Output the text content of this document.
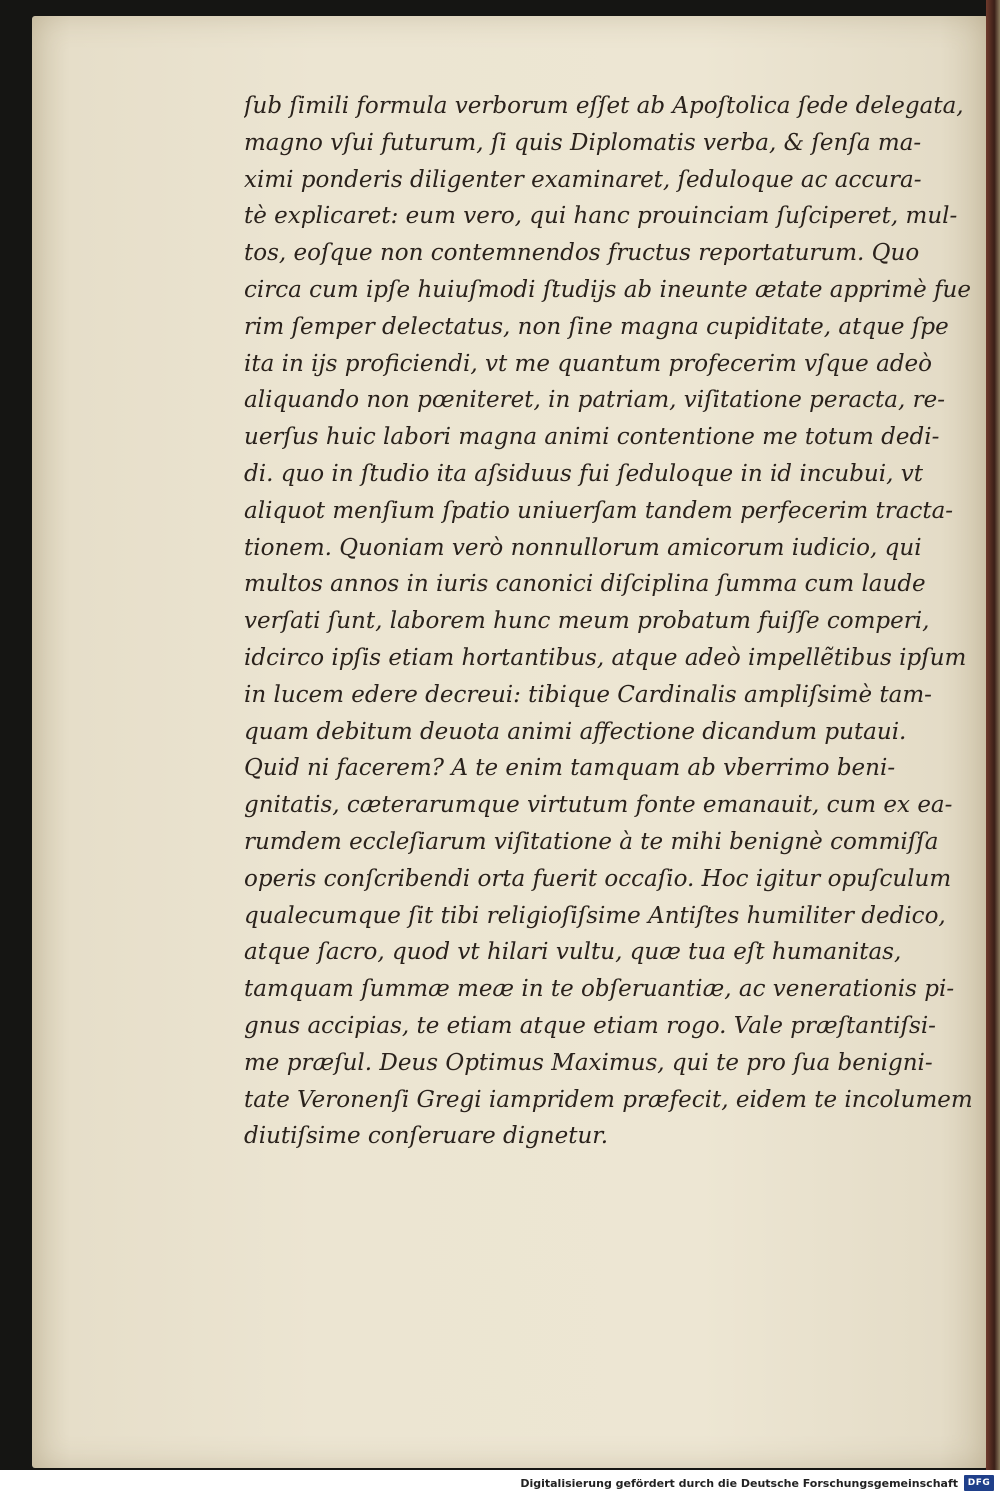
ſub ſimili formula verborum eſſet ab Apoſtolica ſede delegata,
magno vſui futurum, ſi quis Diplomatis verba, & ſenſa ma-
ximi ponderis diligenter examinaret, ſeduloque ac accura-
tè explicaret: eum vero, qui hanc prouinciam ſuſciperet, mul-
tos, eoſque non contemnendos fructus reportaturum. Quo
circa cum ipſe huiuſmodi ſtudijs ab ineunte ætate apprimè fue
rim ſemper delectatus, non ſine magna cupiditate, atque ſpe
ita in ijs proficiendi, vt me quantum profecerim vſque adeò
aliquando non pœniteret, in patriam, viſitatione peracta, re-
uerſus huic labori magna animi contentione me totum dedi-
di. quo in ſtudio ita aſsiduus fui ſeduloque in id incubui, vt
aliquot menſium ſpatio uniuerſam tandem perfecerim tracta-
tionem. Quoniam verò nonnullorum amicorum iudicio, qui
multos annos in iuris canonici diſciplina ſumma cum laude
verſati ſunt, laborem hunc meum probatum fuiſſe comperi,
idcirco ipſis etiam hortantibus, atque adeò impellẽtibus ipſum
in lucem edere decreui: tibique Cardinalis ampliſsimè tam-
quam debitum deuota animi affectione dicandum putaui.
Quid ni facerem? A te enim tamquam ab vberrimo beni-
gnitatis, cæterarumque virtutum fonte emanauit, cum ex ea-
rumdem eccleſiarum viſitatione à te mihi benignè commiſſa
operis conſcribendi orta fuerit occaſio. Hoc igitur opuſculum
qualecumque ſit tibi religioſiſsime Antiſtes humiliter dedico,
atque ſacro, quod vt hilari vultu, quæ tua eſt humanitas,
tamquam ſummæ meæ in te obſeruantiæ, ac venerationis pi-
gnus accipias, te etiam atque etiam rogo. Vale præſtantiſsi-
me præſul. Deus Optimus Maximus, qui te pro ſua benigni-
tate Veronenſi Gregi iampridem præfecit, eidem te incolumem
diutiſsime conſeruare dignetur.
Digitalisierung gefördert durch die Deutsche Forschungsgemeinschaft	DFG
